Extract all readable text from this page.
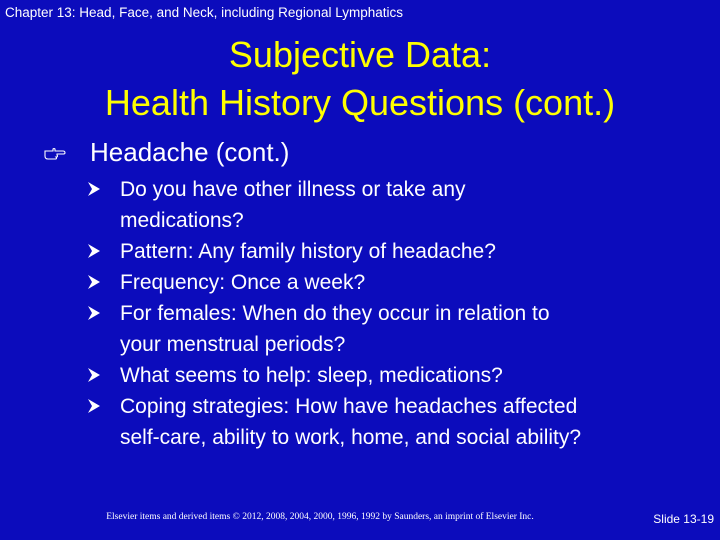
Chapter 13: Head, Face, and Neck, including Regional Lymphatics
Subjective Data:
Health History Questions (cont.)
Headache (cont.)
Do you have other illness or take any
medications?
Pattern: Any family history of headache?
Frequency: Once a week?
For females: When do they occur in relation to
your menstrual periods?
What seems to help: sleep, medications?
Coping strategies: How have headaches affected
self-care, ability to work, home, and social ability?
Elsevier items and derived items © 2012, 2008, 2004, 2000, 1996, 1992 by Saunders, an imprint of Elsevier Inc.	Slide 13-19
